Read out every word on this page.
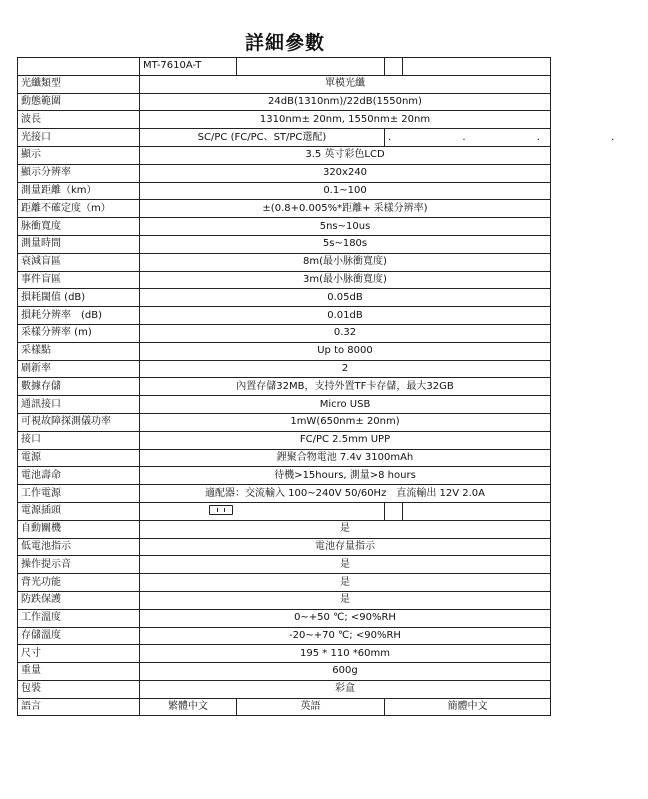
詳細參數
	MT-7610A-T			
光纖類型	單模光纖			
動態範圍	24dB(1310nm)/22dB(1550nm)			
波長	1310nm± 20nm, 1550nm± 20nm			
光接口	SC/PC (FC/PC、ST/PC選配)		. . . .	
顯示	3.5 英寸彩色LCD			
顯示分辨率	320x240			
測量距離（km）	0.1~100			
距離不確定度（m）	±(0.8+0.005%*距離+ 采樣分辨率)			
脉衝寬度	5ns~10us			
測量時間	5s~180s			
衰減盲區	8m(最小脉衝寬度)			
事件盲區	3m(最小脉衝寬度)			
損耗閾值 (dB)	0.05dB			
損耗分辨率　(dB)	0.01dB			
采樣分辨率 (m)	0.32			
采樣點	Up to 8000			
刷新率	2			
數據存儲	內置存儲32MB，支持外置TF卡存儲，最大32GB			
通訊接口	Micro USB			
可視故障探測儀功率	1mW(650nm± 20nm)			
接口	FC/PC 2.5mm UPP			
電源	鋰聚合物電池 7.4v 3100mAh			
電池壽命	待機>15hours, 測量>8 hours			
工作電源	適配器：交流輸入 100~240V 50/60Hz　直流輸出 12V 2.0A			
電源插頭				
自動關機	是			
低電池指示	電池存量指示			
操作提示音	是			
背光功能	是			
防跌保護	是			
工作溫度	0~+50 ℃; <90%RH			
存儲溫度	-20~+70 ℃; <90%RH			
尺寸	195 * 110 *60mm			
重量	600g			
包裝	彩盒			
語言	繁體中文	英語	簡體中文	
